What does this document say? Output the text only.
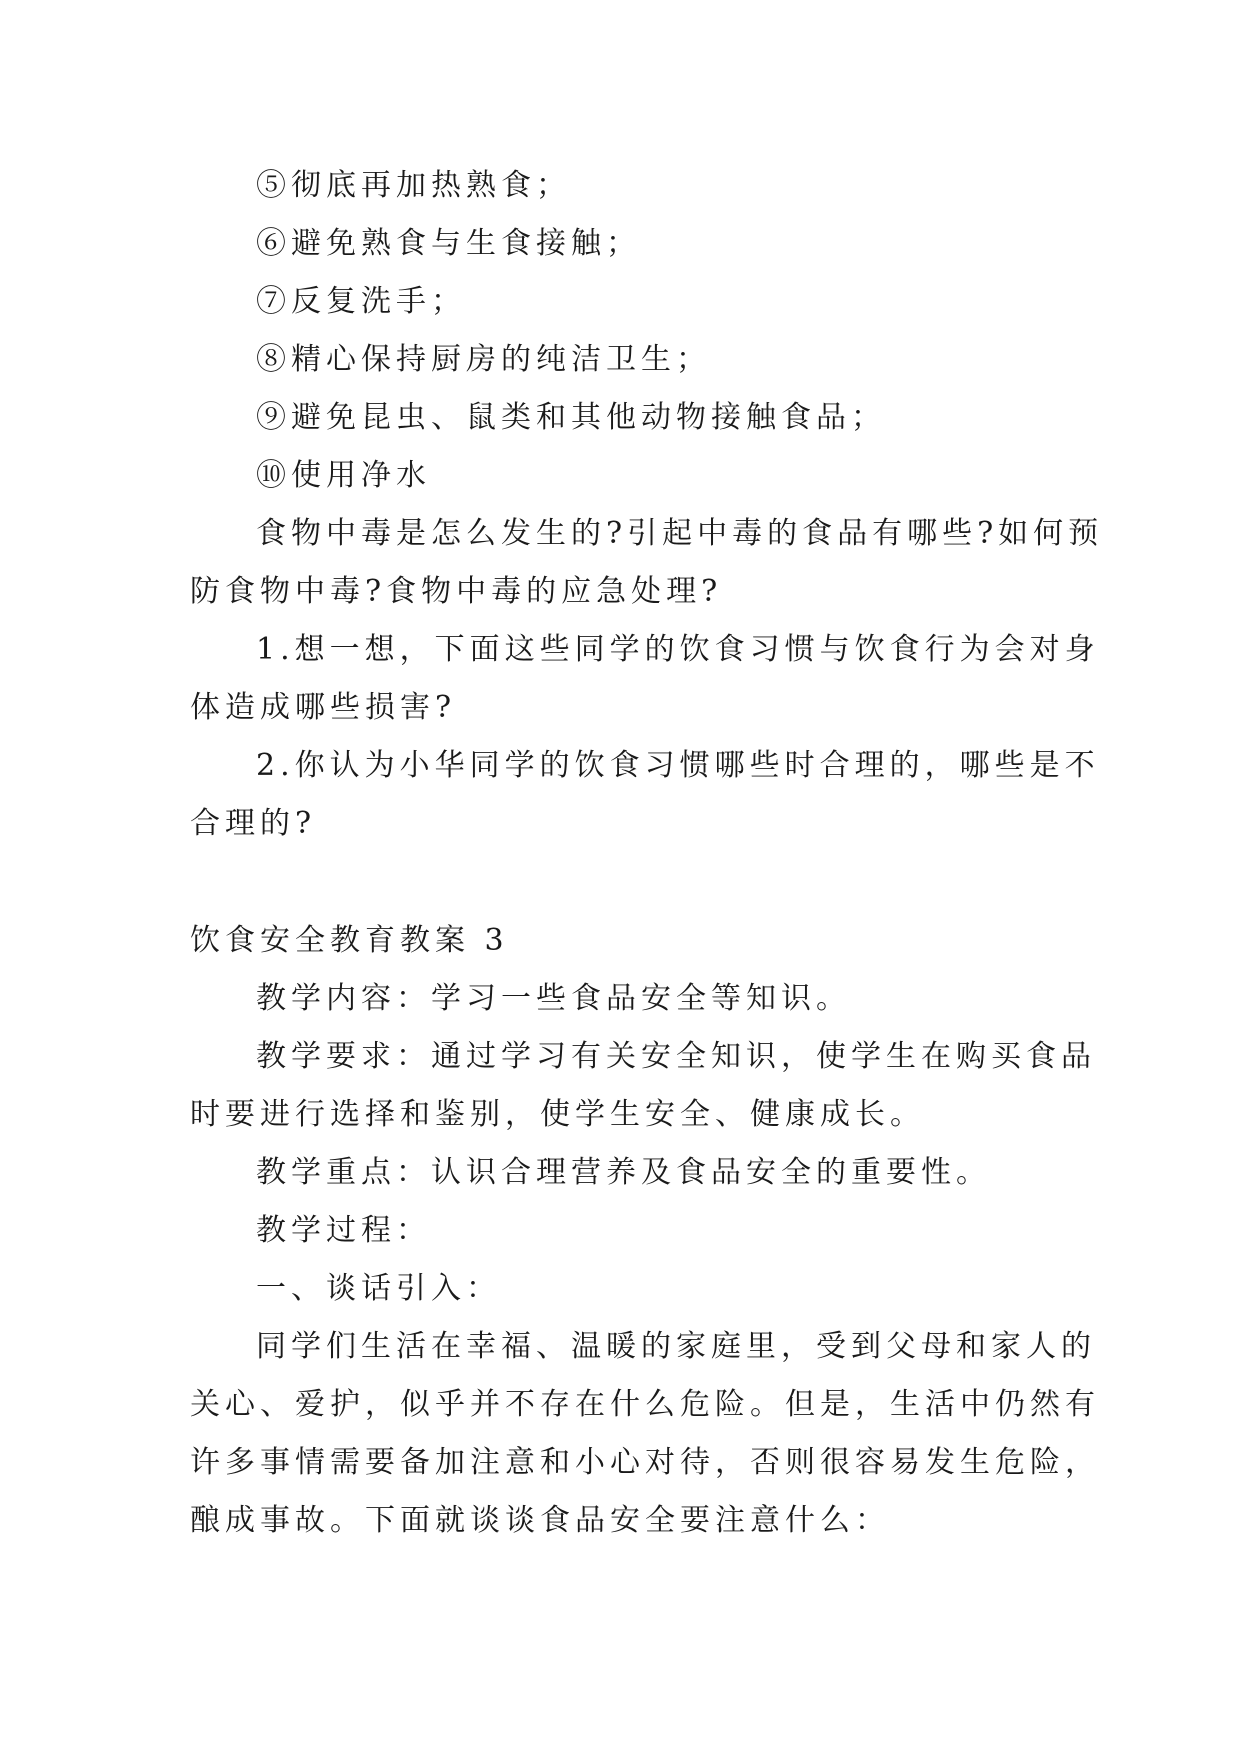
⑤彻底再加热熟食；
⑥避免熟食与生食接触；
⑦反复洗手；
⑧精心保持厨房的纯洁卫生；
⑨避免昆虫、鼠类和其他动物接触食品；
⑩使用净水
食物中毒是怎么发生的?引起中毒的食品有哪些?如何预
防食物中毒?食物中毒的应急处理?
1.想一想，下面这些同学的饮食习惯与饮食行为会对身
体造成哪些损害?
2.你认为小华同学的饮食习惯哪些时合理的，哪些是不
合理的?
饮食安全教育教案 3
教学内容：学习一些食品安全等知识。
教学要求：通过学习有关安全知识，使学生在购买食品
时要进行选择和鉴别，使学生安全、健康成长。
教学重点：认识合理营养及食品安全的重要性。
教学过程：
一、谈话引入：
同学们生活在幸福、温暖的家庭里，受到父母和家人的
关心、爱护，似乎并不存在什么危险。但是，生活中仍然有
许多事情需要备加注意和小心对待，否则很容易发生危险，
酿成事故。下面就谈谈食品安全要注意什么：
